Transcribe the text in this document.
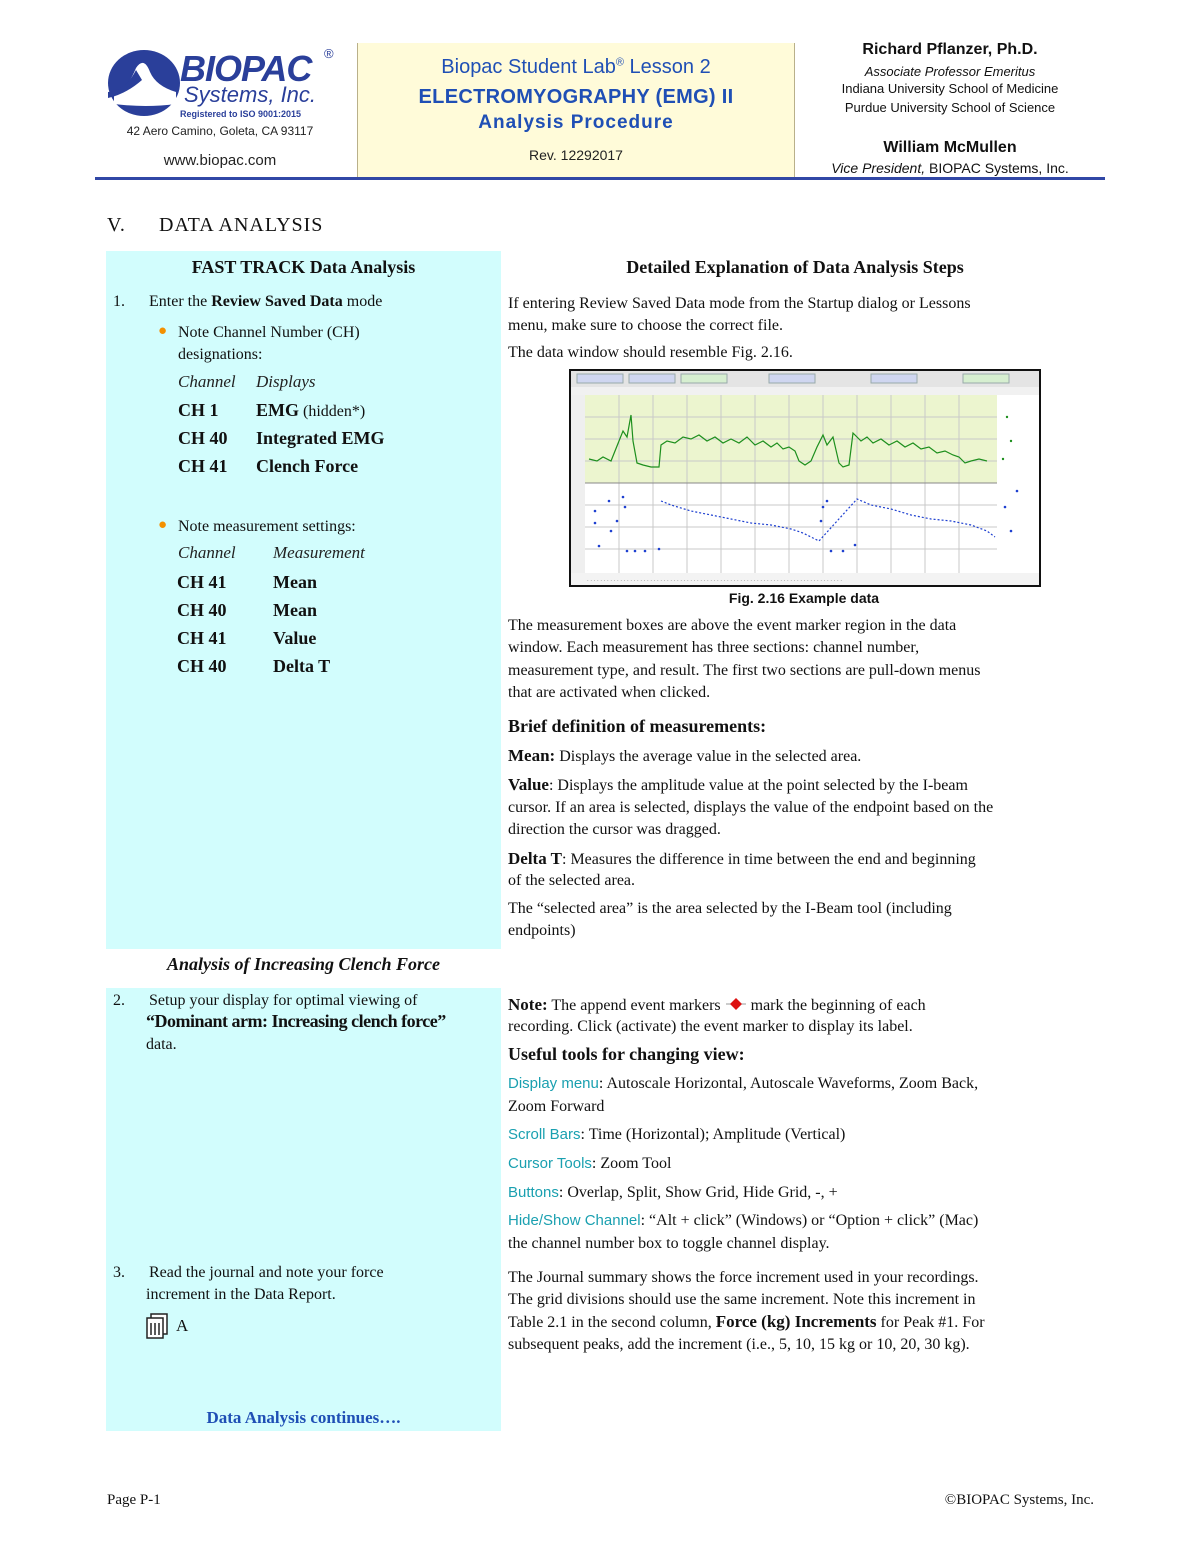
BIOPAC ®
Systems, Inc.
Registered to ISO 9001:2015
42 Aero Camino, Goleta, CA 93117
www.biopac.com
Biopac Student Lab® Lesson 2
ELECTROMYOGRAPHY (EMG) II
Analysis Procedure
Rev. 12292017
Richard Pflanzer, Ph.D.
Associate Professor Emeritus
Indiana University School of Medicine
Purdue University School of Science
William McMullen
Vice President, BIOPAC Systems, Inc.
V. DATA ANALYSIS
FAST TRACK Data Analysis
1. Enter the Review Saved Data mode
● Note Channel Number (CH)
designations:
Channel Displays
CH 1 EMG (hidden*)
CH 40 Integrated EMG
CH 41 Clench Force
● Note measurement settings:
Channel Measurement
CH 41	Mean
CH 40	Mean
CH 41	Value
CH 40	Delta T
Analysis of Increasing Clench Force
2. Setup your display for optimal viewing of
“Dominant arm: Increasing clench force”
data.
3. Read the journal and note your force
increment in the Data Report.
A
Data Analysis continues….
Detailed Explanation of Data Analysis Steps
If entering Review Saved Data mode from the Startup dialog or Lessons
menu, make sure to choose the correct file.
The data window should resemble Fig. 2.16.
. . . . . . . . . . . . . . . . . . . . . . . . . . . . . . . . . . . . . . . . . . . . . . . . . . . . . . . . . . . . . . . . . . . . . . . . . . . . .
Fig. 2.16 Example data
The measurement boxes are above the event marker region in the data
window. Each measurement has three sections: channel number,
measurement type, and result. The first two sections are pull-down menus
that are activated when clicked.
Brief definition of measurements:
Mean: Displays the average value in the selected area.
Value: Displays the amplitude value at the point selected by the I-beam
cursor. If an area is selected, displays the value of the endpoint based on the
direction the cursor was dragged.
Delta T: Measures the difference in time between the end and beginning
of the selected area.
The “selected area” is the area selected by the I-Beam tool (including
endpoints)
Note: The append event markers  mark the beginning of each
recording. Click (activate) the event marker to display its label.
Useful tools for changing view:
Display menu: Autoscale Horizontal, Autoscale Waveforms, Zoom Back,
Zoom Forward
Scroll Bars: Time (Horizontal); Amplitude (Vertical)
Cursor Tools: Zoom Tool
Buttons: Overlap, Split, Show Grid, Hide Grid, -, +
Hide/Show Channel: “Alt + click” (Windows) or “Option + click” (Mac)
the channel number box to toggle channel display.
The Journal summary shows the force increment used in your recordings.
The grid divisions should use the same increment. Note this increment in
Table 2.1 in the second column, Force (kg) Increments for Peak #1. For
subsequent peaks, add the increment (i.e., 5, 10, 15 kg or 10, 20, 30 kg).
Page P-1	©BIOPAC Systems, Inc.
